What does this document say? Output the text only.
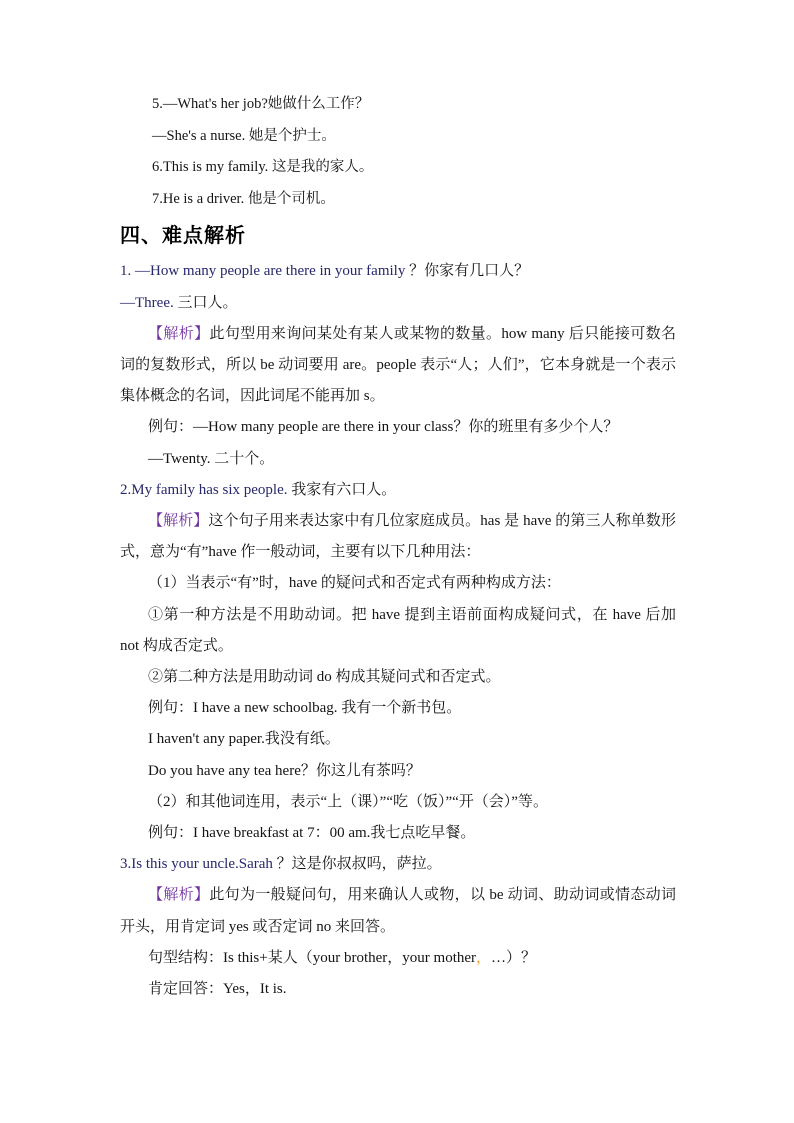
5.—What's her job?她做什么工作？

—She's a nurse. 她是个护士。

6.This is my family. 这是我的家人。

7.He is a driver. 他是个司机。

四、难点解析

1. —How many people are there in your family ？你家有几口人？

—Three. 三口人。

【解析】此句型用来询问某处有某人或某物的数量。how many 后只能接可数名词的复数形式，所以 be 动词要用 are。people 表示“人；人们”，它本身就是一个表示集体概念的名词，因此词尾不能再加 s。

例句：—How many people are there in your class？你的班里有多少个人？

—Twenty. 二十个。

2.My family has six people. 我家有六口人。

【解析】这个句子用来表达家中有几位家庭成员。has 是 have 的第三人称单数形式，意为“有”have 作一般动词，主要有以下几种用法：

（1）当表示“有”时，have 的疑问式和否定式有两种构成方法：

①第一种方法是不用助动词。把 have 提到主语前面构成疑问式，在 have 后加 not 构成否定式。

②第二种方法是用助动词 do 构成其疑问式和否定式。

例句：I have a new schoolbag. 我有一个新书包。

I haven't any paper.我没有纸。

Do you have any tea here？你这儿有茶吗？

（2）和其他词连用，表示“上（课）”“吃（饭）”“开（会）”等。

例句：I have breakfast at 7：00 am.我七点吃早餐。

3.Is this your uncle.Sarah ？这是你叔叔吗，萨拉。

【解析】此句为一般疑问句，用来确认人或物，以 be 动词、助动词或情态动词开头，用肯定词 yes 或否定词 no 来回答。

句型结构：Is this+某人（your brother，your mother，…）？

肯定回答：Yes，It is.
